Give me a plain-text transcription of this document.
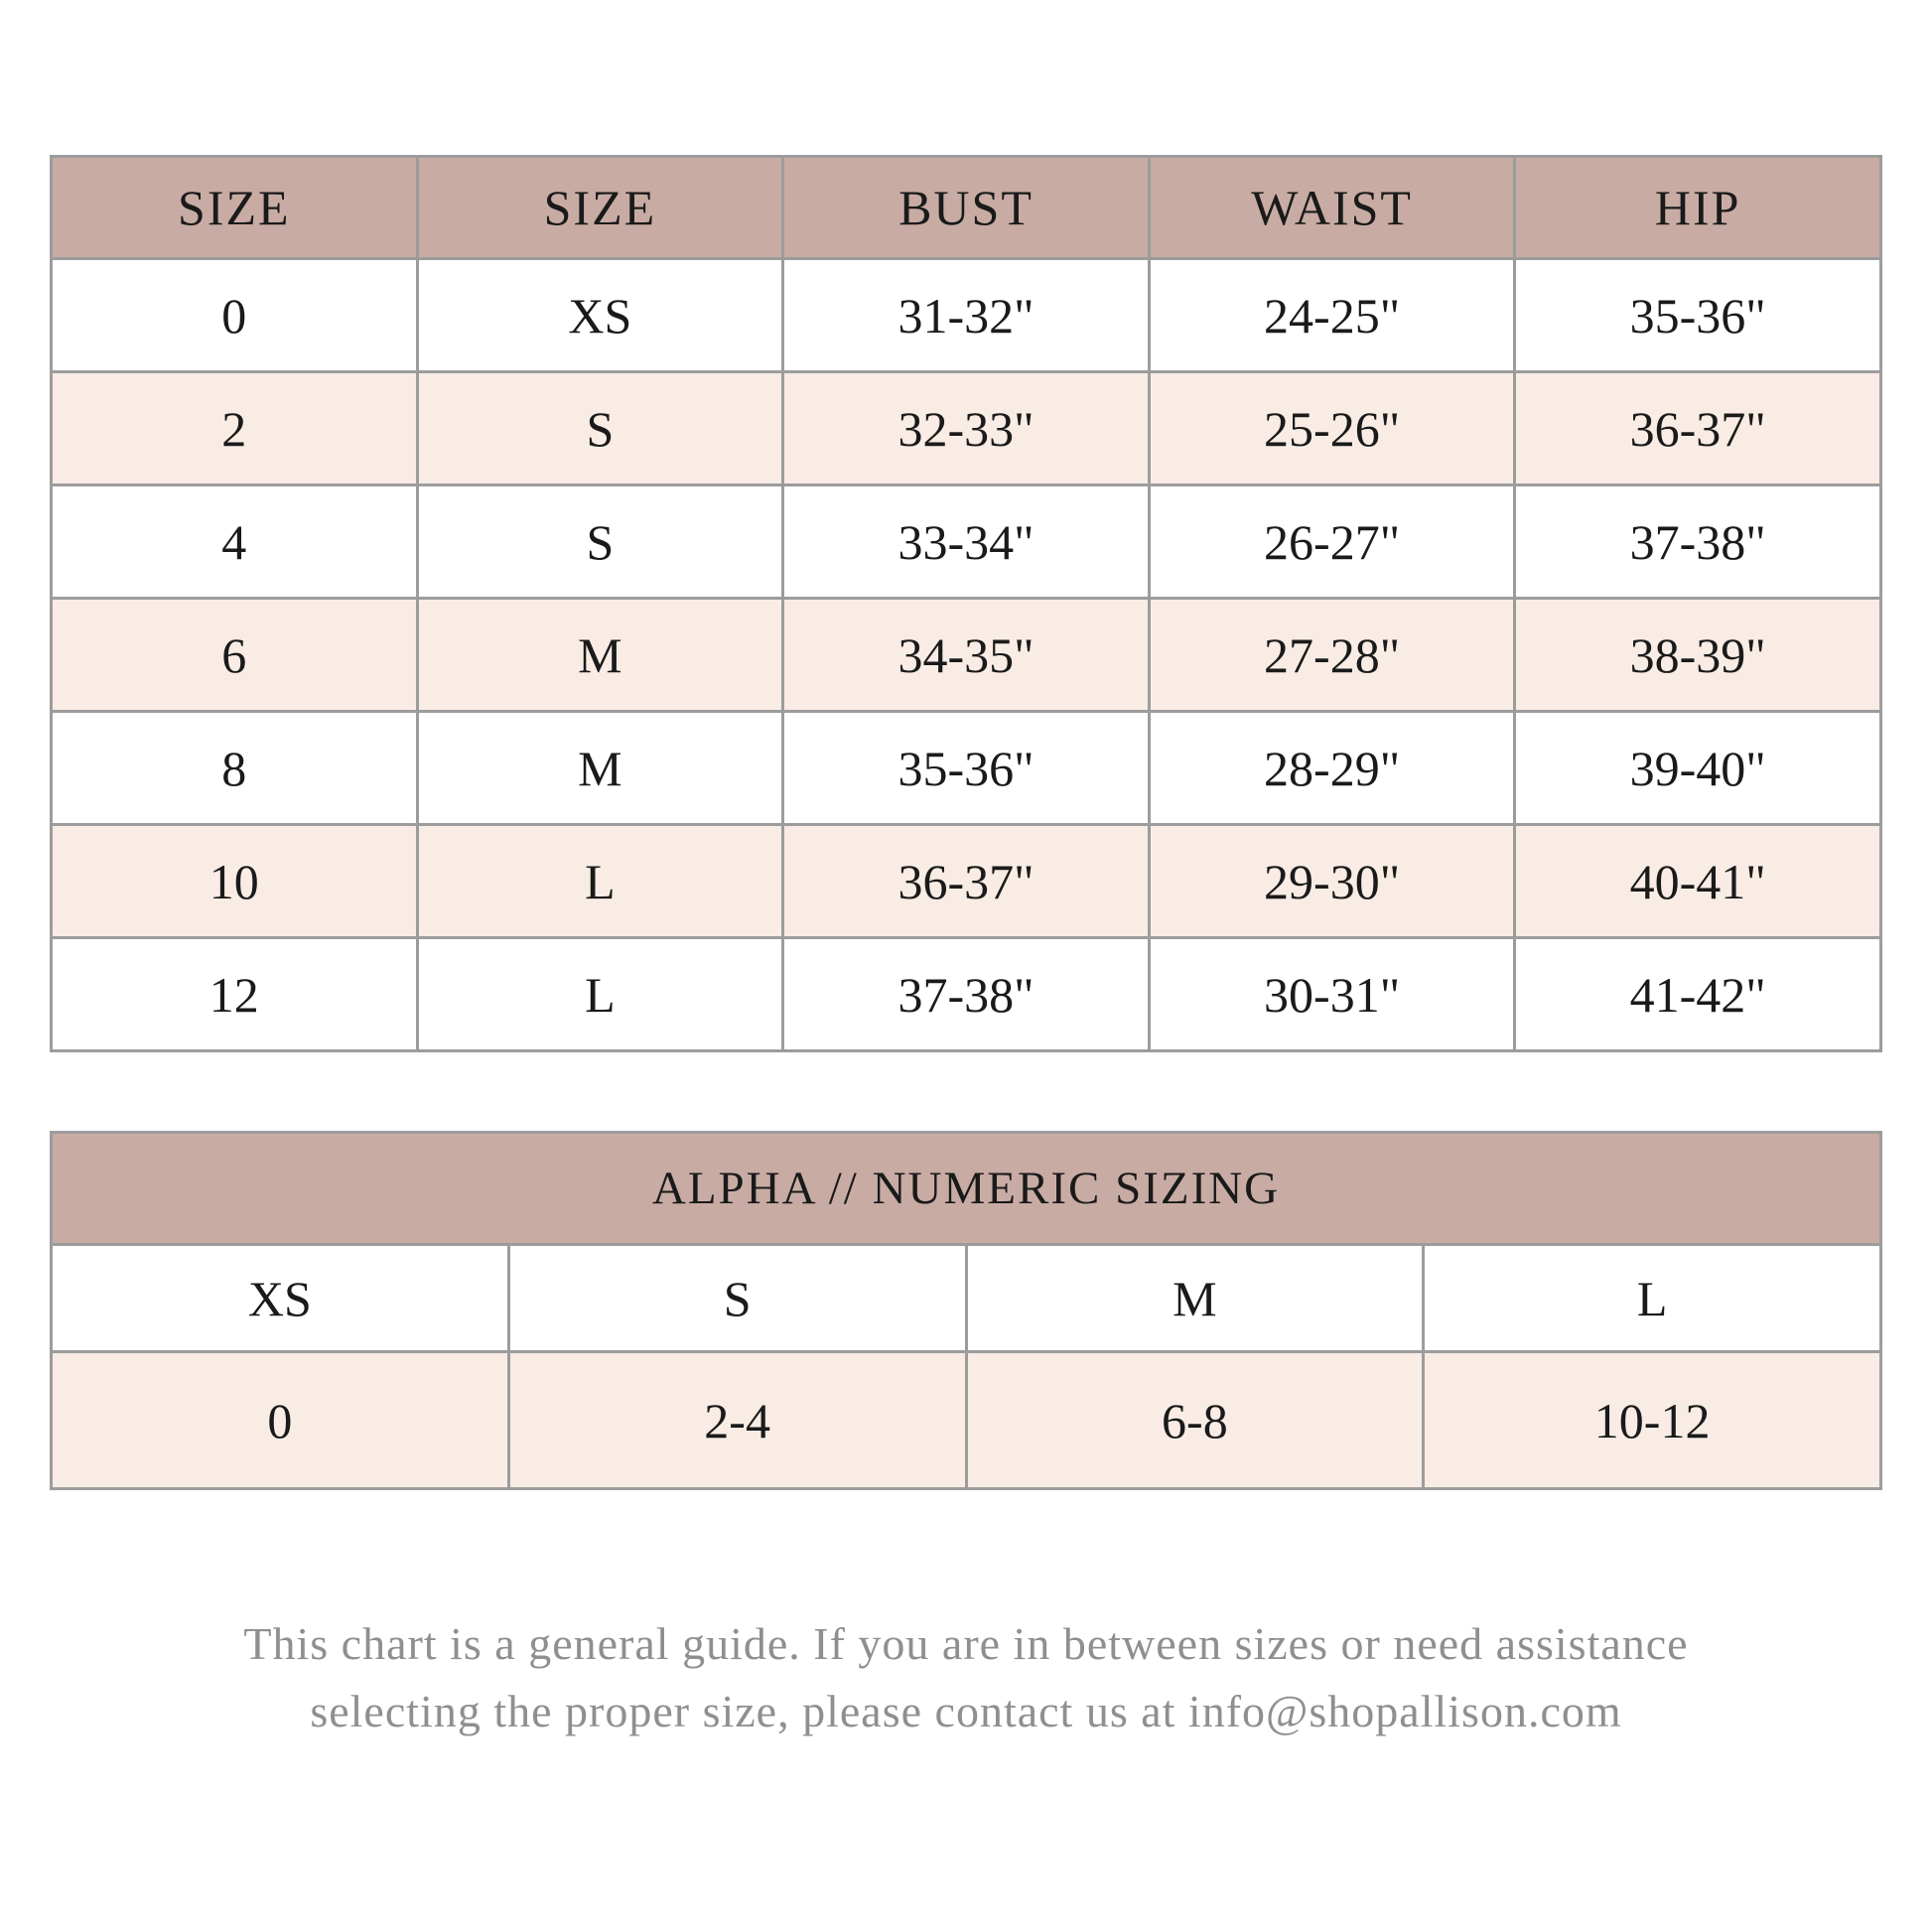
SIZE	SIZE	BUST	WAIST	HIP
0	XS	31-32"	24-25"	35-36"
2	S	32-33"	25-26"	36-37"
4	S	33-34"	26-27"	37-38"
6	M	34-35"	27-28"	38-39"
8	M	35-36"	28-29"	39-40"
10	L	36-37"	29-30"	40-41"
12	L	37-38"	30-31"	41-42"
ALPHA // NUMERIC SIZING			
XS	S	M	L
0	2-4	6-8	10-12
This chart is a general guide. If you are in between sizes or need assistance
selecting the proper size, please contact us at info@shopallison.com
